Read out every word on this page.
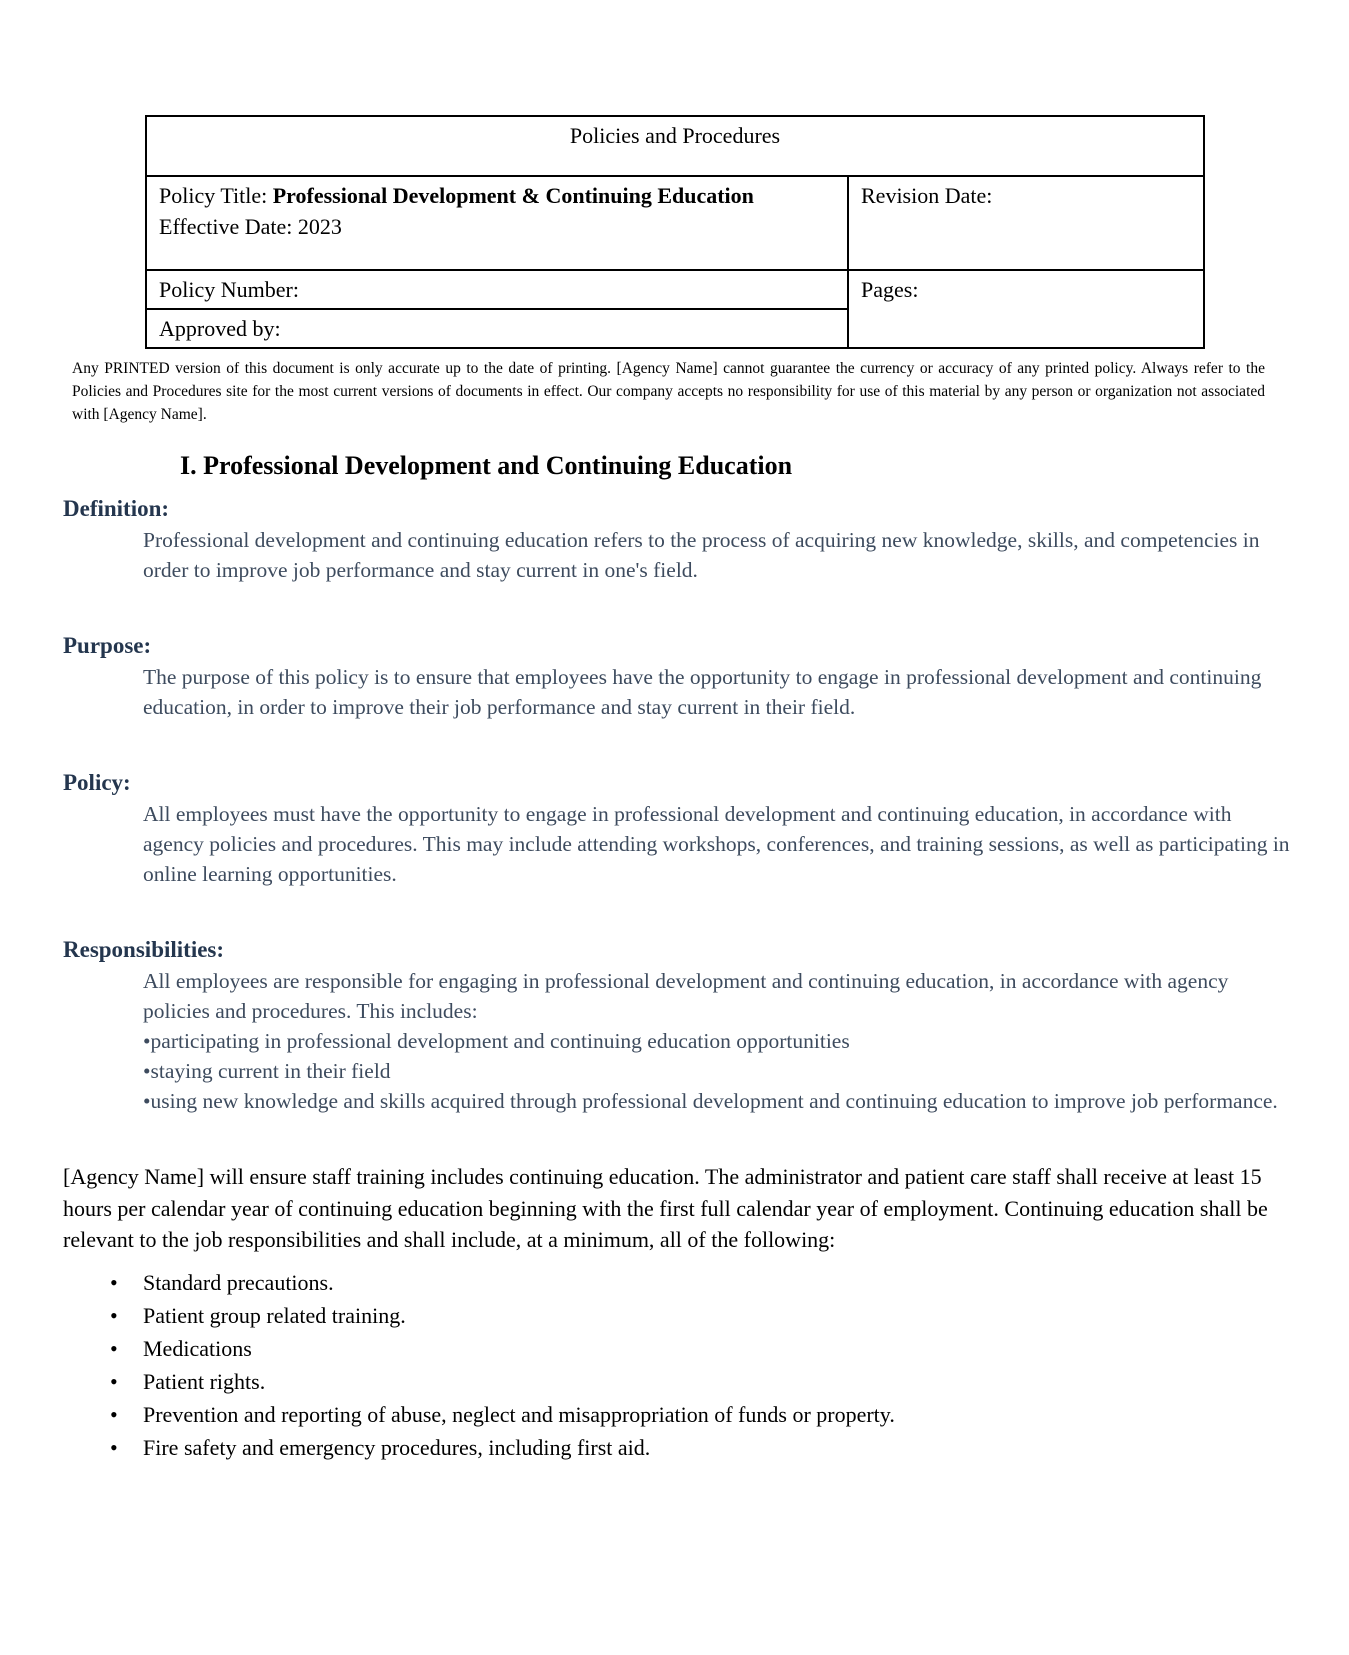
Policies and Procedures	
Policy Title: Professional Development & Continuing Education
Effective Date: 2023	Revision Date:
Policy Number:	Pages:
Approved by:	

Any PRINTED version of this document is only accurate up to the date of printing. [Agency Name] cannot guarantee the currency or accuracy of any printed policy. Always refer to the Policies and Procedures site for the most current versions of documents in effect. Our company accepts no responsibility for use of this material by any person or organization not associated with [Agency Name].

I. Professional Development and Continuing Education
Definition:
Professional development and continuing education refers to the process of acquiring new knowledge, skills, and competencies in order to improve job performance and stay current in one's field.
Purpose:
The purpose of this policy is to ensure that employees have the opportunity to engage in professional development and continuing education, in order to improve their job performance and stay current in their field.
Policy:
All employees must have the opportunity to engage in professional development and continuing education, in accordance with agency policies and procedures. This may include attending workshops, conferences, and training sessions, as well as participating in online learning opportunities.
Responsibilities:
All employees are responsible for engaging in professional development and continuing education, in accordance with agency policies and procedures. This includes:
• participating in professional development and continuing education opportunities
• staying current in their field
• using new knowledge and skills acquired through professional development and continuing education to improve job performance.

[Agency Name] will ensure staff training includes continuing education. The administrator and patient care staff shall receive at least 15 hours per calendar year of continuing education beginning with the first full calendar year of employment. Continuing education shall be relevant to the job responsibilities and shall include, at a minimum, all of the following:

•
Standard precautions.
•
Patient group related training.
•
Medications
•
Patient rights.
•
Prevention and reporting of abuse, neglect and misappropriation of funds or property.
•
Fire safety and emergency procedures, including first aid.
